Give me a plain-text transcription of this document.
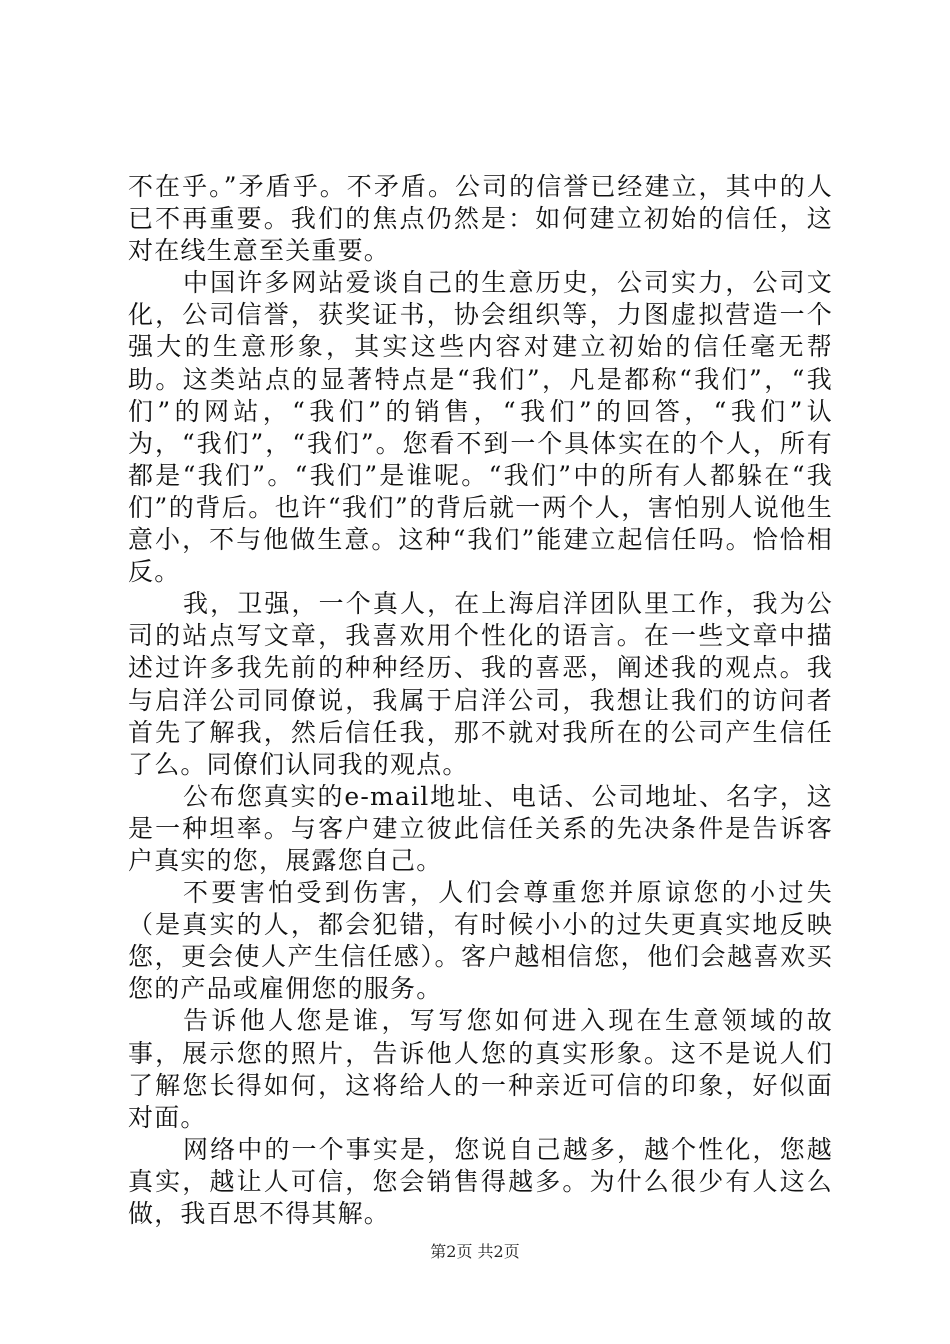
不在乎。”矛盾乎。不矛盾。公司的信誉已经建立，其中的人已不再重要。我们的焦点仍然是：如何建立初始的信任，这对在线生意至关重要。

中国许多网站爱谈自己的生意历史，公司实力，公司文化，公司信誉，获奖证书，协会组织等，力图虚拟营造一个强大的生意形象，其实这些内容对建立初始的信任毫无帮助。这类站点的显著特点是“我们”，凡是都称“我们”，“我们”的网站，“我们”的销售，“我们”的回答，“我们”认为，“我们”，“我们”。您看不到一个具体实在的个人，所有都是“我们”。“我们”是谁呢。“我们”中的所有人都躲在“我们”的背后。也许“我们”的背后就一两个人，害怕别人说他生意小，不与他做生意。这种“我们”能建立起信任吗。恰恰相反。

我，卫强，一个真人，在上海启洋团队里工作，我为公司的站点写文章，我喜欢用个性化的语言。在一些文章中描述过许多我先前的种种经历、我的喜恶，阐述我的观点。我与启洋公司同僚说，我属于启洋公司，我想让我们的访问者首先了解我，然后信任我，那不就对我所在的公司产生信任了么。同僚们认同我的观点。

公布您真实的e-mail地址、电话、公司地址、名字，这是一种坦率。与客户建立彼此信任关系的先决条件是告诉客户真实的您，展露您自己。

不要害怕受到伤害，人们会尊重您并原谅您的小过失（是真实的人，都会犯错，有时候小小的过失更真实地反映您，更会使人产生信任感）。客户越相信您，他们会越喜欢买您的产品或雇佣您的服务。

告诉他人您是谁，写写您如何进入现在生意领域的故事，展示您的照片，告诉他人您的真实形象。这不是说人们了解您长得如何，这将给人的一种亲近可信的印象，好似面对面。

网络中的一个事实是，您说自己越多，越个性化，您越真实，越让人可信，您会销售得越多。为什么很少有人这么做，我百思不得其解。

第2页 共2页
